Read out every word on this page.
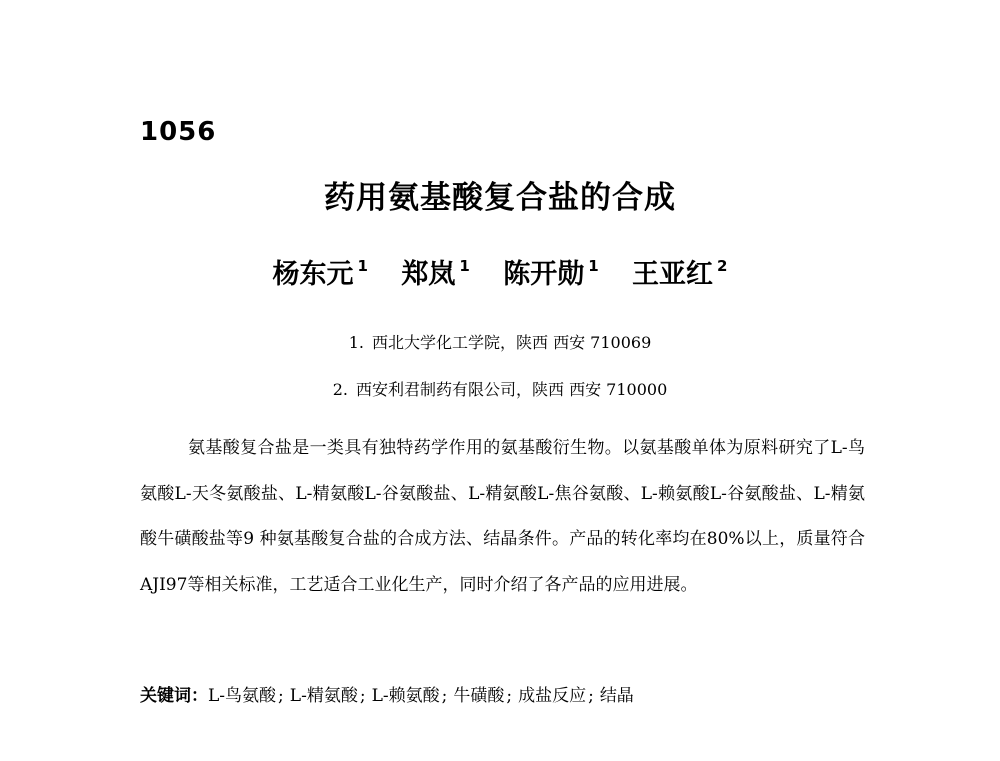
1056
药用氨基酸复合盐的合成
杨东元 $^1$ 郑岚 $^1$ 陈开勋 $^1$ 王亚红 $^2$
1. 西北大学化工学院，陕西 西安 710069
2. 西安利君制药有限公司，陕西 西安 710000
氨基酸复合盐是一类具有独特药学作用的氨基酸衍生物。以氨基酸单体为原料研究了L-鸟氨酸L-天冬氨酸盐、L-精氨酸L-谷氨酸盐、L-精氨酸L-焦谷氨酸、L-赖氨酸L-谷氨酸盐、L-精氨酸牛磺酸盐等9 种氨基酸复合盐的合成方法、结晶条件。产品的转化率均在80%以上，质量符合AJI97等相关标准，工艺适合工业化生产，同时介绍了各产品的应用进展。
关键词：L-鸟氨酸 ; L-精氨酸 ; L-赖氨酸 ; 牛磺酸 ; 成盐反应 ; 结晶
